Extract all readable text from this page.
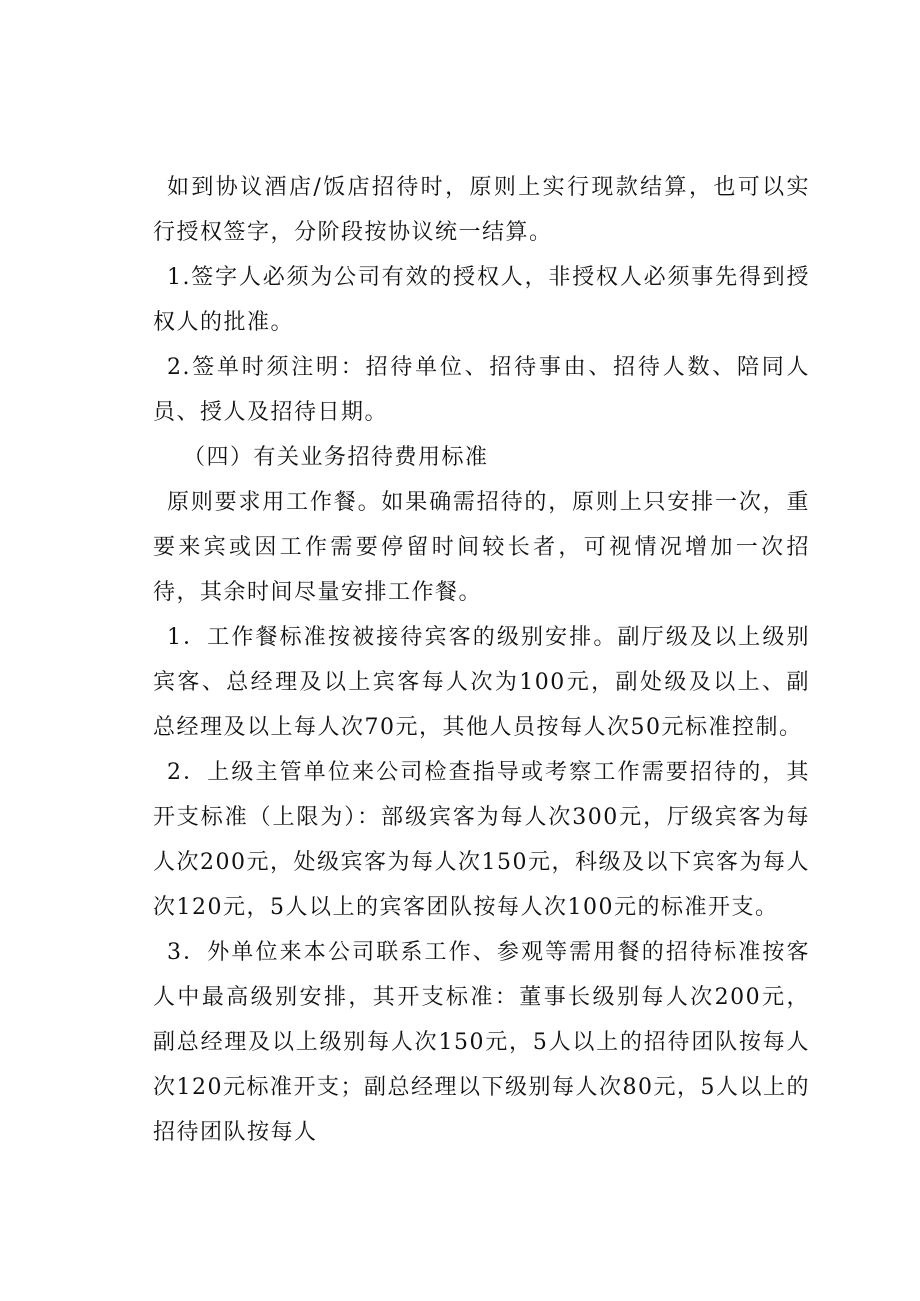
如到协议酒店/饭店招待时，原则上实行现款结算，也可以实行授权签字，分阶段按协议统一结算。

1.签字人必须为公司有效的授权人，非授权人必须事先得到授权人的批准。

2.签单时须注明：招待单位、招待事由、招待人数、陪同人员、授人及招待日期。

（四）有关业务招待费用标准

原则要求用工作餐。如果确需招待的，原则上只安排一次，重要来宾或因工作需要停留时间较长者，可视情况增加一次招待，其余时间尽量安排工作餐。

1．工作餐标准按被接待宾客的级别安排。副厅级及以上级别宾客、总经理及以上宾客每人次为100元，副处级及以上、副总经理及以上每人次70元，其他人员按每人次50元标准控制。

2．上级主管单位来公司检查指导或考察工作需要招待的，其开支标准（上限为）：部级宾客为每人次300元，厅级宾客为每人次200元，处级宾客为每人次150元，科级及以下宾客为每人次120元，5人以上的宾客团队按每人次100元的标准开支。

3．外单位来本公司联系工作、参观等需用餐的招待标准按客人中最高级别安排，其开支标准：董事长级别每人次200元，副总经理及以上级别每人次150元，5人以上的招待团队按每人次120元标准开支；副总经理以下级别每人次80元，5人以上的招待团队按每人
